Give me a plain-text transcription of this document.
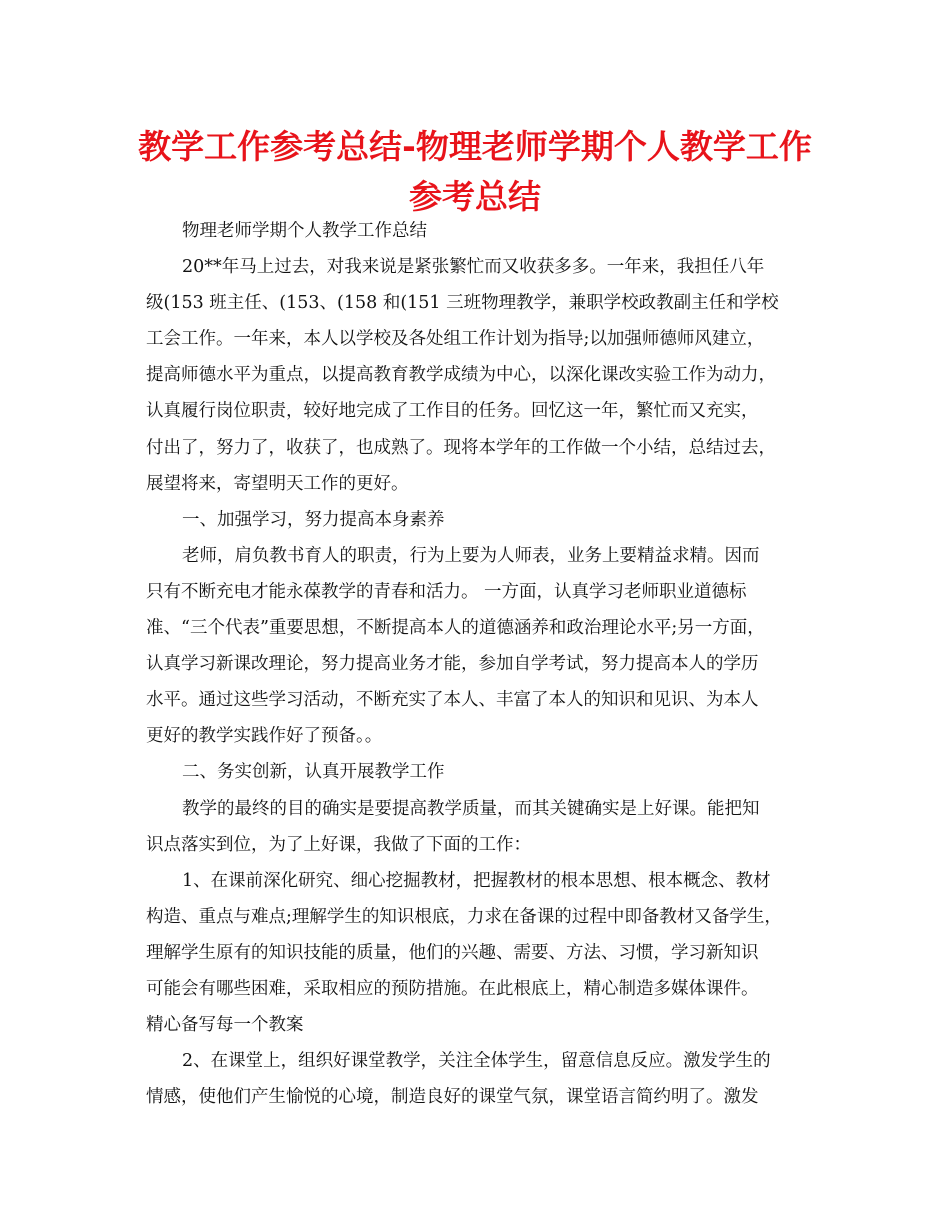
教学工作参考总结-物理老师学期个人教学工作
参考总结
物理老师学期个人教学工作总结
20**年马上过去，对我来说是紧张繁忙而又收获多多。一年来，我担任八年
级(153 班主任、(153、(158 和(151 三班物理教学，兼职学校政教副主任和学校
工会工作。一年来，本人以学校及各处组工作计划为指导;以加强师德师风建立，
提高师德水平为重点，以提高教育教学成绩为中心，以深化课改实验工作为动力，
认真履行岗位职责，较好地完成了工作目的任务。回忆这一年，繁忙而又充实，
付出了，努力了，收获了，也成熟了。现将本学年的工作做一个小结，总结过去，
展望将来，寄望明天工作的更好。
一、加强学习，努力提高本身素养
老师，肩负教书育人的职责，行为上要为人师表，业务上要精益求精。因而
只有不断充电才能永葆教学的青春和活力。 一方面，认真学习老师职业道德标
准、“三个代表”重要思想，不断提高本人的道德涵养和政治理论水平;另一方面，
认真学习新课改理论，努力提高业务才能，参加自学考试，努力提高本人的学历
水平。通过这些学习活动，不断充实了本人、丰富了本人的知识和见识、为本人
更好的教学实践作好了预备。。
二、务实创新，认真开展教学工作
教学的最终的目的确实是要提高教学质量，而其关键确实是上好课。能把知
识点落实到位，为了上好课，我做了下面的工作：
1、在课前深化研究、细心挖掘教材，把握教材的根本思想、根本概念、教材
构造、重点与难点;理解学生的知识根底，力求在备课的过程中即备教材又备学生，
理解学生原有的知识技能的质量，他们的兴趣、需要、方法、习惯，学习新知识
可能会有哪些困难，采取相应的预防措施。在此根底上，精心制造多媒体课件。
精心备写每一个教案
2、在课堂上，组织好课堂教学，关注全体学生，留意信息反应。激发学生的
情感，使他们产生愉悦的心境，制造良好的课堂气氛，课堂语言简约明了。激发
